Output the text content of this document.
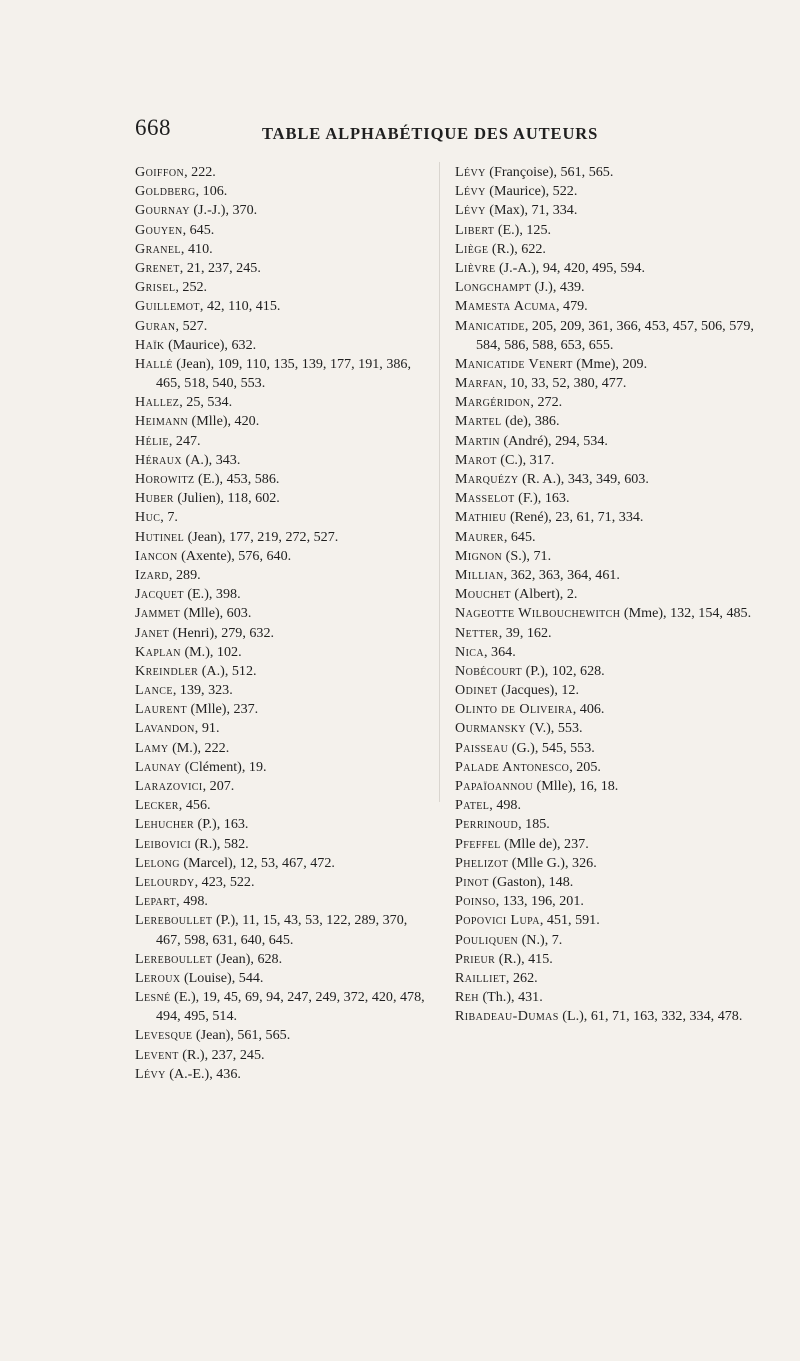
668	TABLE ALPHABÉTIQUE DES AUTEURS
Goiffon, 222.
Goldberg, 106.
Gournay (J.-J.), 370.
Gouyen, 645.
Granel, 410.
Grenet, 21, 237, 245.
Grisel, 252.
Guillemot, 42, 110, 415.
Guran, 527.
Haïk (Maurice), 632.
Hallé (Jean), 109, 110, 135, 139, 177, 191, 386, 465, 518, 540, 553.
Hallez, 25, 534.
Heimann (Mlle), 420.
Hélie, 247.
Héraux (A.), 343.
Horowitz (E.), 453, 586.
Huber (Julien), 118, 602.
Huc, 7.
Hutinel (Jean), 177, 219, 272, 527.
Iancon (Axente), 576, 640.
Izard, 289.
Jacquet (E.), 398.
Jammet (Mlle), 603.
Janet (Henri), 279, 632.
Kaplan (M.), 102.
Kreindler (A.), 512.
Lance, 139, 323.
Laurent (Mlle), 237.
Lavandon, 91.
Lamy (M.), 222.
Launay (Clément), 19.
Larazovici, 207.
Lecker, 456.
Lehucher (P.), 163.
Leibovici (R.), 582.
Lelong (Marcel), 12, 53, 467, 472.
Lelourdy, 423, 522.
Lepart, 498.
Lereboullet (P.), 11, 15, 43, 53, 122, 289, 370, 467, 598, 631, 640, 645.
Lereboullet (Jean), 628.
Leroux (Louise), 544.
Lesné (E.), 19, 45, 69, 94, 247, 249, 372, 420, 478, 494, 495, 514.
Levesque (Jean), 561, 565.
Levent (R.), 237, 245.
Lévy (A.-E.), 436.
Lévy (Françoise), 561, 565.
Lévy (Maurice), 522.
Lévy (Max), 71, 334.
Libert (E.), 125.
Liège (R.), 622.
Lièvre (J.-A.), 94, 420, 495, 594.
Longchampt (J.), 439.
Mamesta Acuma, 479.
Manicatide, 205, 209, 361, 366, 453, 457, 506, 579, 584, 586, 588, 653, 655.
Manicatide Venert (Mme), 209.
Marfan, 10, 33, 52, 380, 477.
Margéridon, 272.
Martel (de), 386.
Martin (André), 294, 534.
Marot (C.), 317.
Marquézy (R. A.), 343, 349, 603.
Masselot (F.), 163.
Mathieu (René), 23, 61, 71, 334.
Maurer, 645.
Mignon (S.), 71.
Millian, 362, 363, 364, 461.
Mouchet (Albert), 2.
Nageotte Wilbouchewitch (Mme), 132, 154, 485.
Netter, 39, 162.
Nica, 364.
Nobécourt (P.), 102, 628.
Odinet (Jacques), 12.
Olinto de Oliveira, 406.
Ourmansky (V.), 553.
Paisseau (G.), 545, 553.
Palade Antonesco, 205.
Papaïoannou (Mlle), 16, 18.
Patel, 498.
Perrinoud, 185.
Pfeffel (Mlle de), 237.
Phelizot (Mlle G.), 326.
Pinot (Gaston), 148.
Poinso, 133, 196, 201.
Popovici Lupa, 451, 591.
Pouliquen (N.), 7.
Prieur (R.), 415.
Railliet, 262.
Reh (Th.), 431.
Ribadeau-Dumas (L.), 61, 71, 163, 332, 334, 478.
